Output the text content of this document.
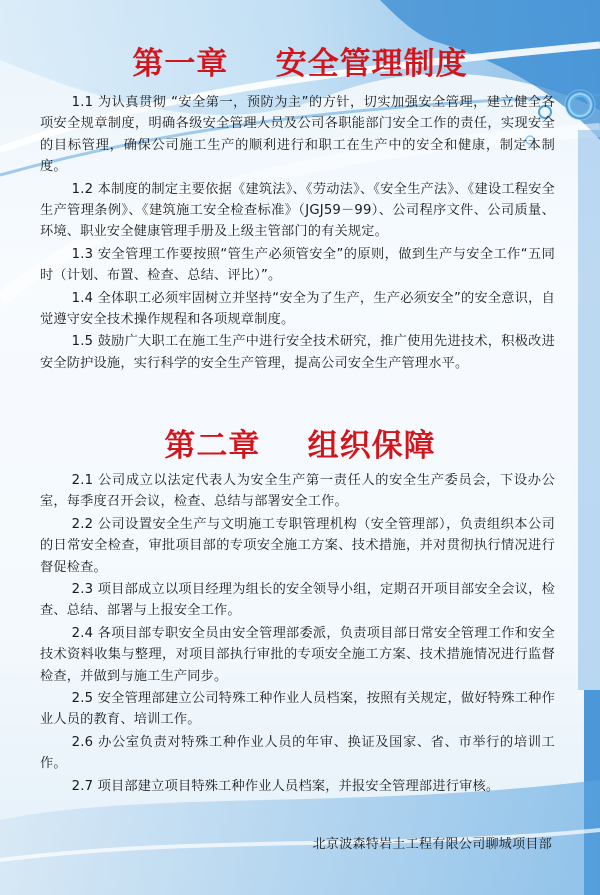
第一章    安全管理制度

1.1 为认真贯彻 “安全第一，预防为主”的方针，切实加强安全管理，建立健全各项安全规章制度，明确各级安全管理人员及公司各职能部门安全工作的责任，实现安全的目标管理，确保公司施工生产的顺利进行和职工在生产中的安全和健康，制定本制度。

1.2 本制度的制定主要依据《建筑法》、《劳动法》、《安全生产法》、《建设工程安全生产管理条例》、《建筑施工安全检查标准》（JGJ59－99）、公司程序文件、公司质量、环境、职业安全健康管理手册及上级主管部门的有关规定。

1.3 安全管理工作要按照“管生产必须管安全”的原则，做到生产与安全工作“五同时（计划、布置、检查、总结、评比）”。

1.4 全体职工必须牢固树立并坚持“安全为了生产，生产必须安全”的安全意识，自觉遵守安全技术操作规程和各项规章制度。

1.5 鼓励广大职工在施工生产中进行安全技术研究，推广使用先进技术，积极改进安全防护设施，实行科学的安全生产管理，提高公司安全生产管理水平。

第二章    组织保障

2.1 公司成立以法定代表人为安全生产第一责任人的安全生产委员会，下设办公室，每季度召开会议，检查、总结与部署安全工作。

2.2 公司设置安全生产与文明施工专职管理机构（安全管理部），负责组织本公司的日常安全检查，审批项目部的专项安全施工方案、技术措施，并对贯彻执行情况进行督促检查。

2.3 项目部成立以项目经理为组长的安全领导小组，定期召开项目部安全会议，检查、总结、部署与上报安全工作。

2.4 各项目部专职安全员由安全管理部委派，负责项目部日常安全管理工作和安全技术资料收集与整理，对项目部执行审批的专项安全施工方案、技术措施情况进行监督检查，并做到与施工生产同步。

2.5 安全管理部建立公司特殊工种作业人员档案，按照有关规定，做好特殊工种作业人员的教育、培训工作。

2.6 办公室负责对特殊工种作业人员的年审、换证及国家、省、市举行的培训工作。

2.7 项目部建立项目特殊工种作业人员档案，并报安全管理部进行审核。

北京波森特岩土工程有限公司聊城项目部
